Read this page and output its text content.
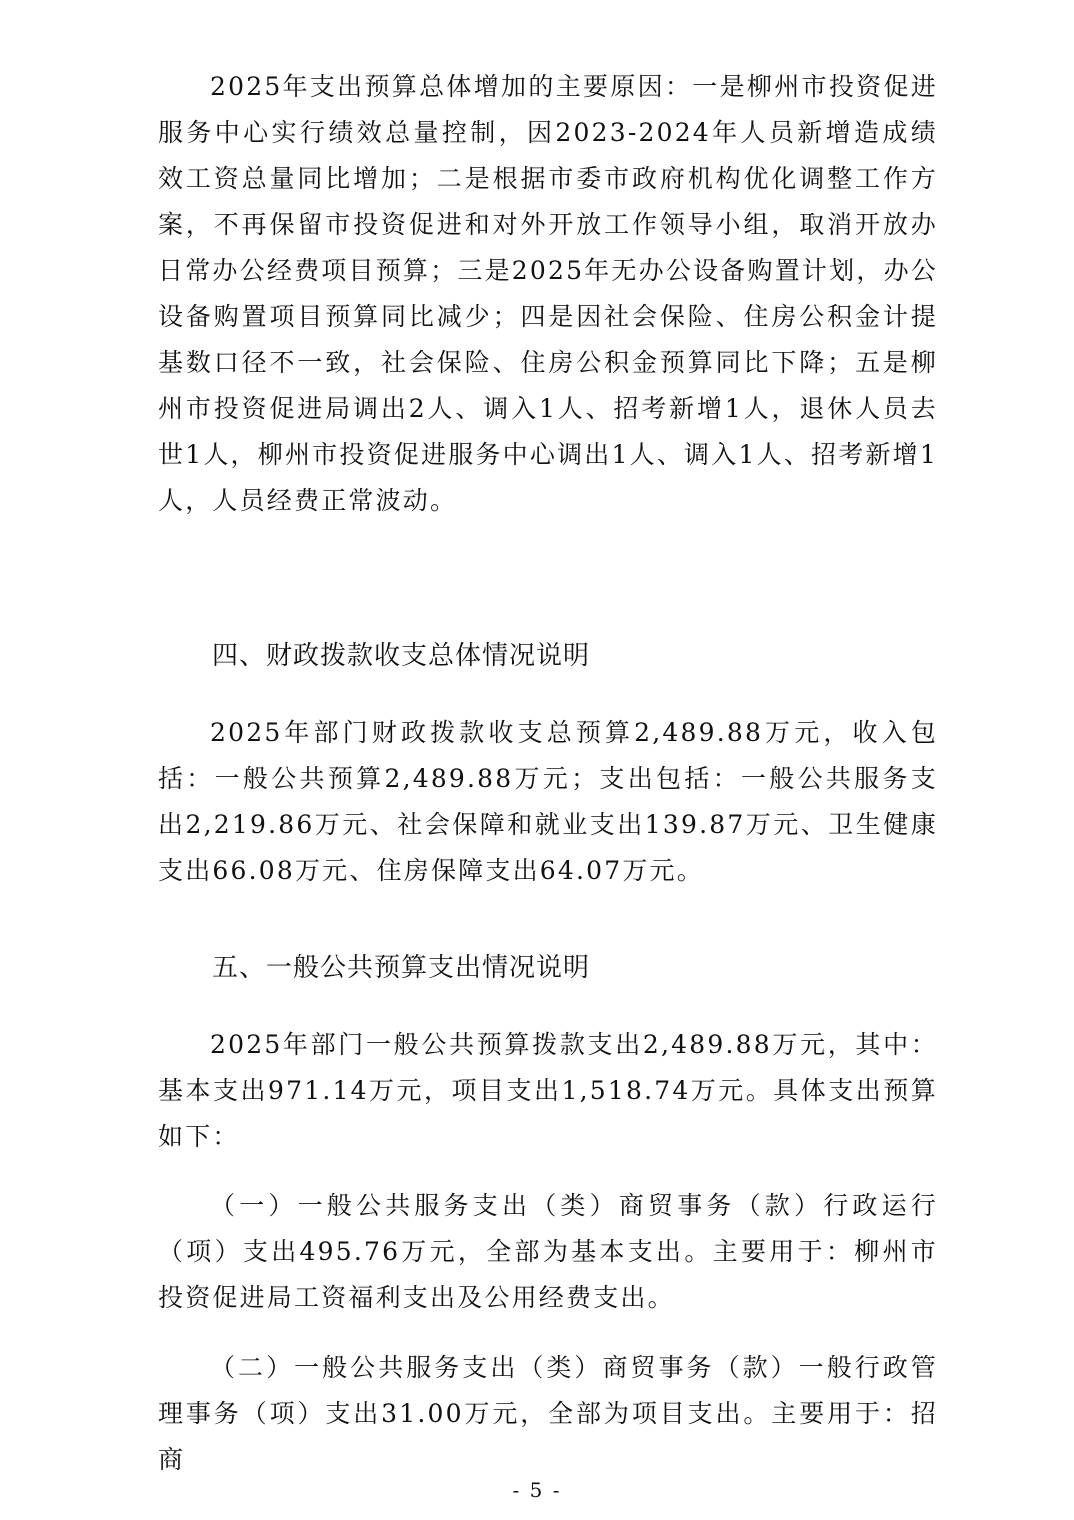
2025年支出预算总体增加的主要原因：一是柳州市投资促进服务中心实行绩效总量控制，因2023-2024年人员新增造成绩效工资总量同比增加；二是根据市委市政府机构优化调整工作方案，不再保留市投资促进和对外开放工作领导小组，取消开放办日常办公经费项目预算；三是2025年无办公设备购置计划，办公设备购置项目预算同比减少；四是因社会保险、住房公积金计提基数口径不一致，社会保险、住房公积金预算同比下降；五是柳州市投资促进局调出2人、调入1人、招考新增1人，退休人员去世1人，柳州市投资促进服务中心调出1人、调入1人、招考新增1人，人员经费正常波动。

四、财政拨款收支总体情况说明

2025年部门财政拨款收支总预算2,489.88万元，收入包括：一般公共预算2,489.88万元；支出包括：一般公共服务支出2,219.86万元、社会保障和就业支出139.87万元、卫生健康支出66.08万元、住房保障支出64.07万元。

五、一般公共预算支出情况说明

2025年部门一般公共预算拨款支出2,489.88万元，其中：基本支出971.14万元，项目支出1,518.74万元。具体支出预算如下：

（一）一般公共服务支出（类）商贸事务（款）行政运行（项）支出495.76万元，全部为基本支出。主要用于：柳州市投资促进局工资福利支出及公用经费支出。

（二）一般公共服务支出（类）商贸事务（款）一般行政管理事务（项）支出31.00万元，全部为项目支出。主要用于：招商

- 5 -
